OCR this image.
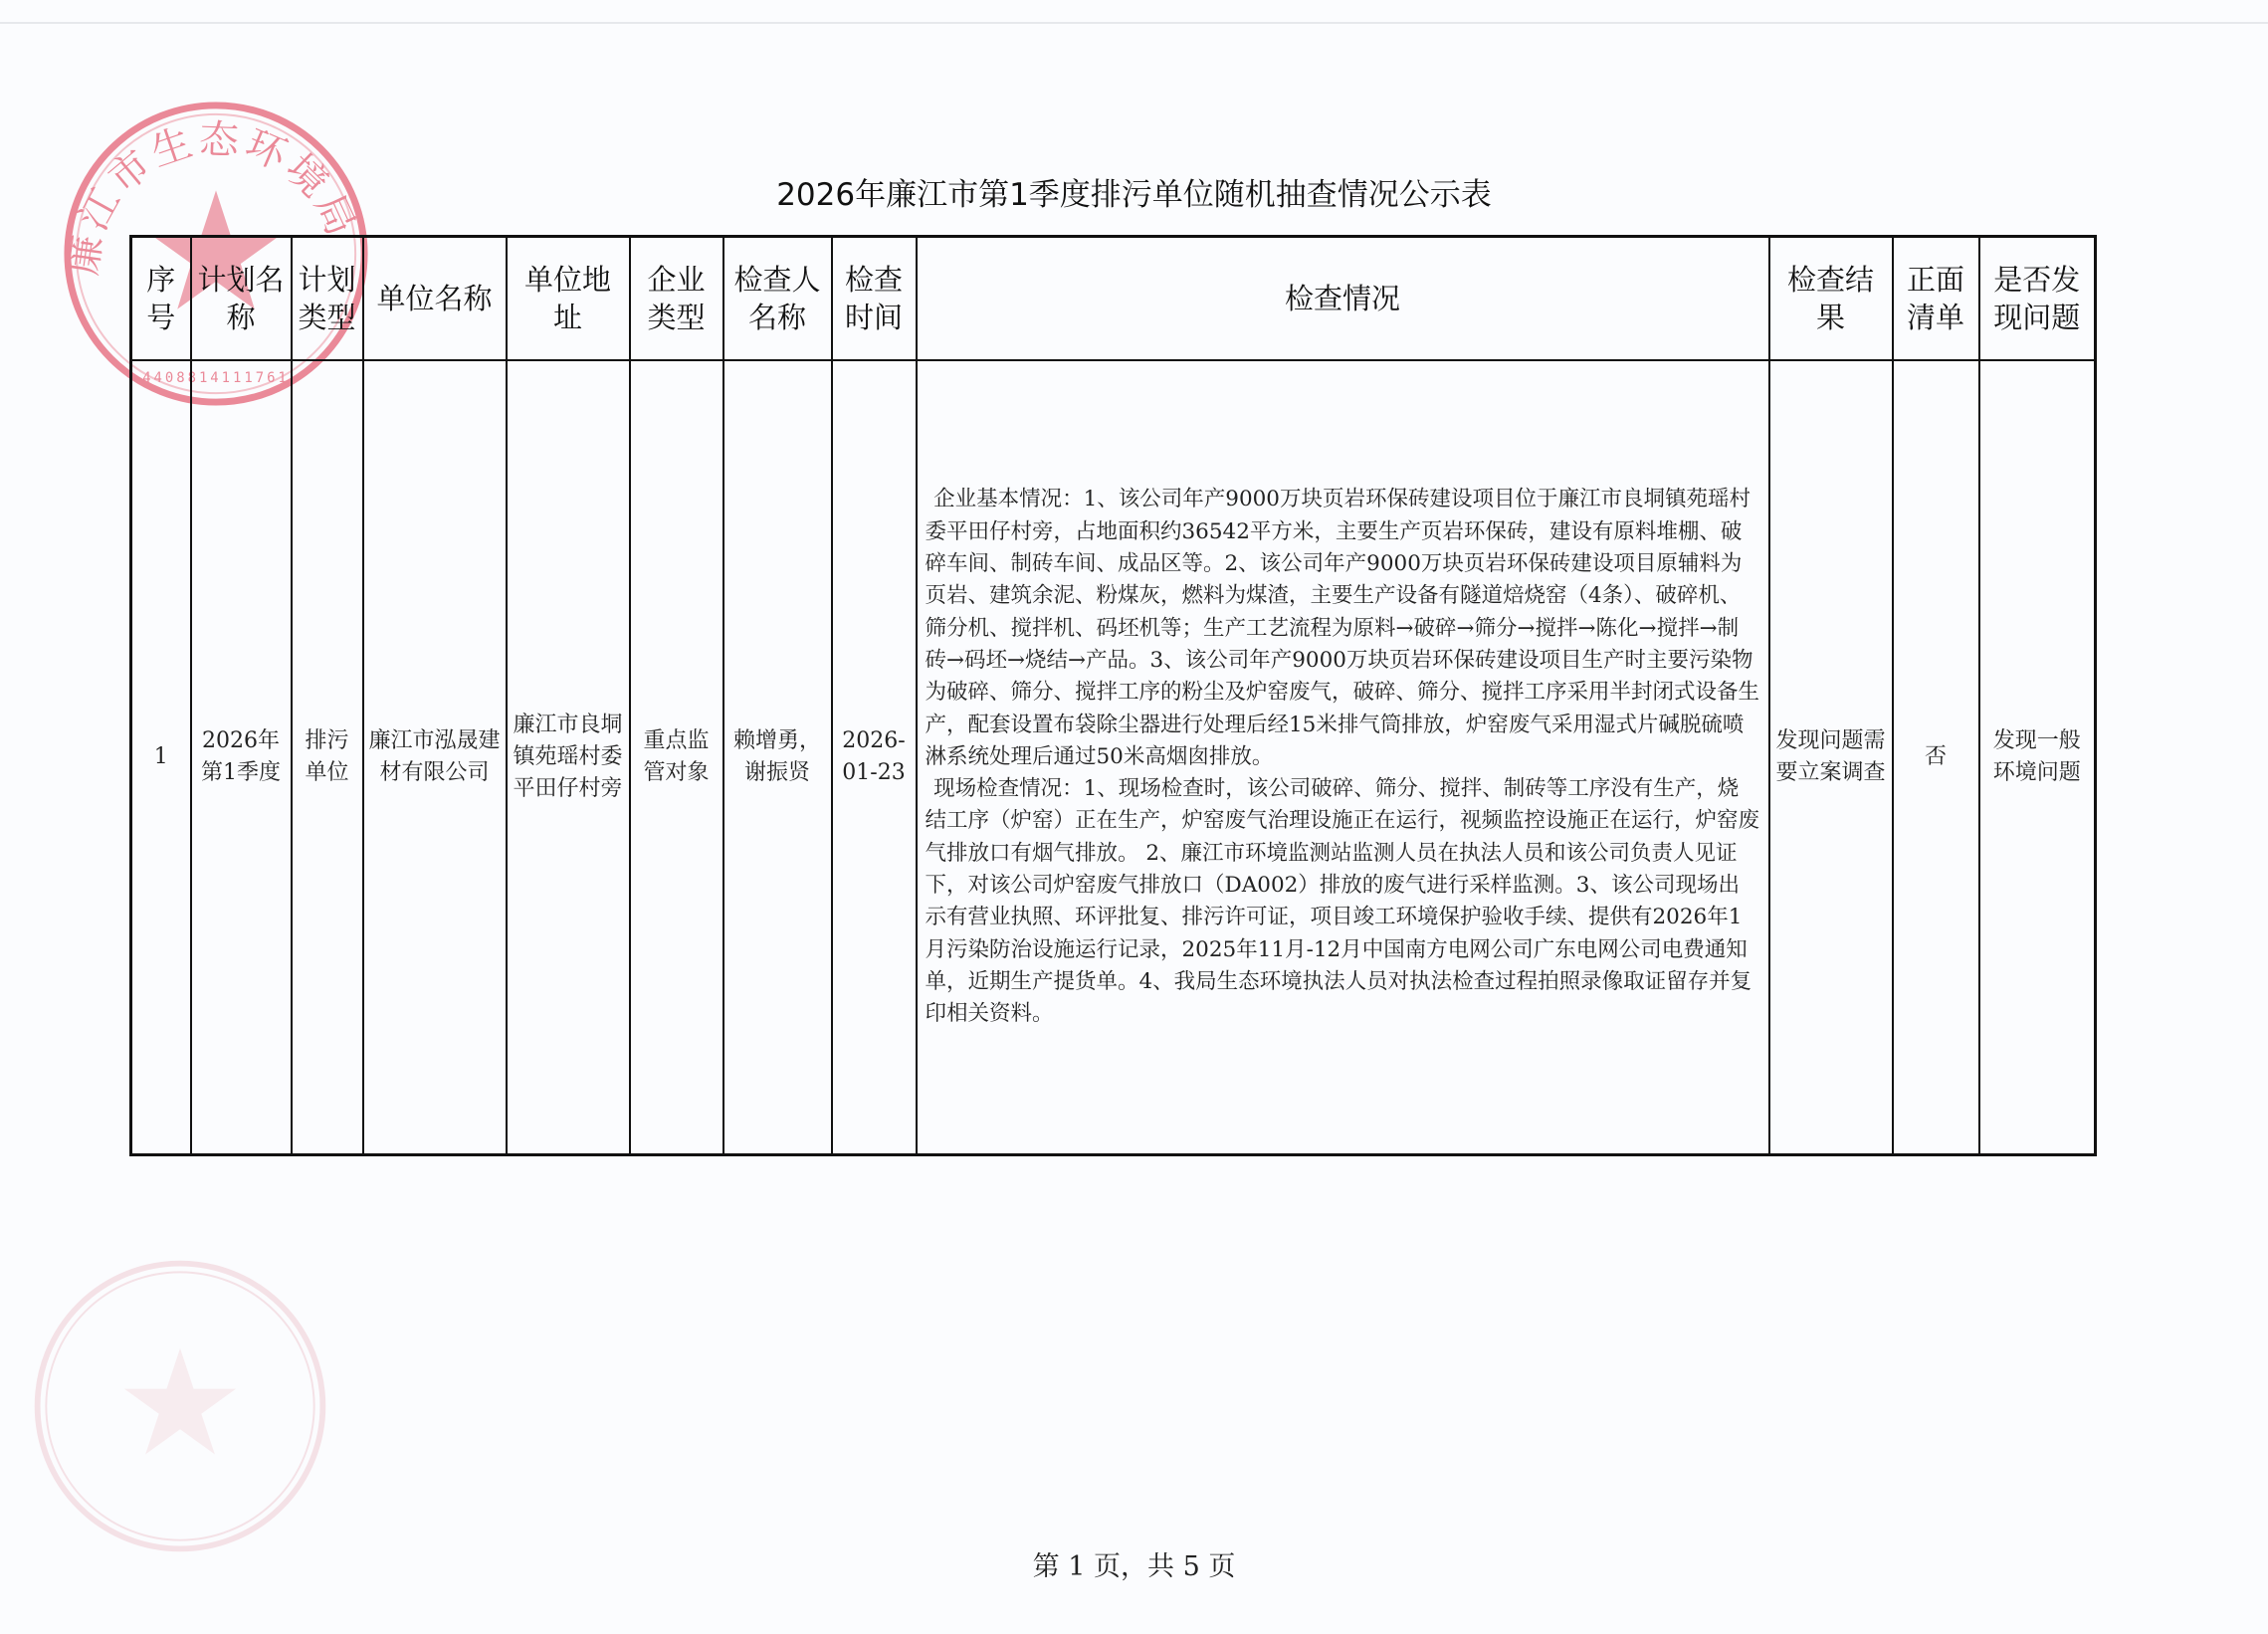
廉江市生态环境局
4408814111761
2026年廉江市第1季度排污单位随机抽查情况公示表
序号	计划名称	计划类型	单位名称	单位地址	企业类型	检查人名称	检查时间	检查情况	检查结果	正面清单	是否发现问题
1	2026年第1季度	排污单位	廉江市泓晟建材有限公司	廉江市良垌镇苑瑶村委平田仔村旁	重点监管对象	赖增勇，谢振贤	2026-01-23	企业基本情况：1、该公司年产9000万块页岩环保砖建设项目位于廉江市良垌镇苑瑶村委平田仔村旁，占地面积约36542平方米，主要生产页岩环保砖，建设有原料堆棚、破碎车间、制砖车间、成品区等。2、该公司年产9000万块页岩环保砖建设项目原辅料为页岩、建筑余泥、粉煤灰，燃料为煤渣，主要生产设备有隧道焙烧窑（4条）、破碎机、筛分机、搅拌机、码坯机等；生产工艺流程为原料→破碎→筛分→搅拌→陈化→搅拌→制砖→码坯→烧结→产品。3、该公司年产9000万块页岩环保砖建设项目生产时主要污染物为破碎、筛分、搅拌工序的粉尘及炉窑废气，破碎、筛分、搅拌工序采用半封闭式设备生产，配套设置布袋除尘器进行处理后经15米排气筒排放，炉窑废气采用湿式片碱脱硫喷淋系统处理后通过50米高烟囱排放。

现场检查情况：1、现场检查时，该公司破碎、筛分、搅拌、制砖等工序没有生产，烧结工序（炉窑）正在生产，炉窑废气治理设施正在运行，视频监控设施正在运行，炉窑废气排放口有烟气排放。 2、廉江市环境监测站监测人员在执法人员和该公司负责人见证下，对该公司炉窑废气排放口（DA002）排放的废气进行采样监测。3、该公司现场出示有营业执照、环评批复、排污许可证，项目竣工环境保护验收手续、提供有2026年1月污染防治设施运行记录，2025年11月-12月中国南方电网公司广东电网公司电费通知单，近期生产提货单。4、我局生态环境执法人员对执法检查过程拍照录像取证留存并复印相关资料。	发现问题需要立案调查	否	发现一般环境问题
第 1 页，共 5 页
